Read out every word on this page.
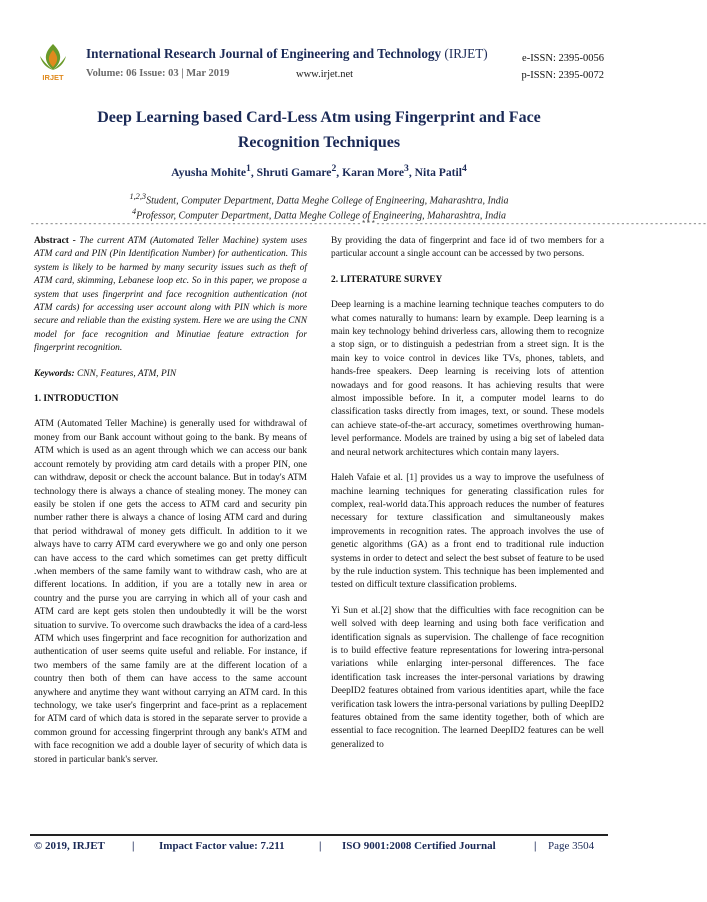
IRJET
International Research Journal of Engineering and Technology (IRJET)
Volume: 06 Issue: 03 | Mar 2019	www.irjet.net
e-ISSN: 2395-0056
p-ISSN: 2395-0072
Deep Learning based Card-Less Atm using Fingerprint and Face
Recognition Techniques
Ayusha Mohite$^1$, Shruti Gamare$^2$, Karan More$^3$, Nita Patil$^4$
$^{1,2,3}$Student, Computer Department, Datta Meghe College of Engineering, Maharashtra, India
$^4$Professor, Computer Department, Datta Meghe College of Engineering, Maharashtra, India
---------------------------------------------------------------------***---------------------------------------------------------------------

Abstract - The current ATM (Automated Teller Machine) system uses ATM card and PIN (Pin Identification Number) for authentication. This system is likely to be harmed by many security issues such as theft of ATM card, skimming, Lebanese loop etc. So in this paper, we propose a system that uses fingerprint and face recognition authentication (not ATM cards) for accessing user account along with PIN which is more secure and reliable than the existing system. Here we are using the CNN model for face recognition and Minutiae feature extraction for fingerprint recognition.

Keywords: CNN, Features, ATM, PIN

1. INTRODUCTION

ATM (Automated Teller Machine) is generally used for withdrawal of money from our Bank account without going to the bank. By means of ATM which is used as an agent through which we can access our bank account remotely by providing atm card details with a proper PIN, one can withdraw, deposit or check the account balance. But in today's ATM technology there is always a chance of stealing money. The money can easily be stolen if one gets the access to ATM card and security pin number rather there is always a chance of losing ATM card and during that period withdrawal of money gets difficult. In addition to it we always have to carry ATM card everywhere we go and only one person can have access to the card which sometimes can get pretty difficult .when members of the same family want to withdraw cash, who are at different locations. In addition, if you are a totally new in area or country and the purse you are carrying in which all of your cash and ATM card are kept gets stolen then undoubtedly it will be the worst situation to survive. To overcome such drawbacks the idea of a card-less ATM which uses fingerprint and face recognition for authorization and authentication of user seems quite useful and reliable. For instance, if two members of the same family are at the different location of a country then both of them can have access to the same account anywhere and anytime they want without carrying an ATM card. In this technology, we take user's fingerprint and face-print as a replacement for ATM card of which data is stored in the separate server to provide a common ground for accessing fingerprint through any bank's ATM and with face recognition we add a double layer of security of which data is stored in particular bank's server.

By providing the data of fingerprint and face id of two members for a particular account a single account can be accessed by two persons.

2. LITERATURE SURVEY

Deep learning is a machine learning technique teaches computers to do what comes naturally to humans: learn by example. Deep learning is a main key technology behind driverless cars, allowing them to recognize a stop sign, or to distinguish a pedestrian from a street sign. It is the main key to voice control in devices like TVs, phones, tablets, and hands-free speakers. Deep learning is receiving lots of attention nowadays and for good reasons. It has achieving results that were almost impossible before. In it, a computer model learns to do classification tasks directly from images, text, or sound. These models can achieve state-of-the-art accuracy, sometimes overthrowing human-level performance. Models are trained by using a big set of labeled data and neural network architectures which contain many layers.

Haleh Vafaie et al. [1] provides us a way to improve the usefulness of machine learning techniques for generating classification rules for complex, real-world data.This approach reduces the number of features necessary for texture classification and simultaneously makes improvements in recognition rates. The approach involves the use of genetic algorithms (GA) as a front end to traditional rule induction systems in order to detect and select the best subset of feature to be used by the rule induction system. This technique has been implemented and tested on difficult texture classification problems.

Yi Sun et al.[2] show that the difficulties with face recognition can be well solved with deep learning and using both face verification and identification signals as supervision. The challenge of face recognition is to build effective feature representations for lowering intra-personal variations while enlarging inter-personal differences. The face identification task increases the inter-personal variations by drawing DeepID2 features obtained from various identities apart, while the face verification task lowers the intra-personal variations by pulling DeepID2 features obtained from the same identity together, both of which are essential to face recognition. The learned DeepID2 features can be well generalized to

© 2019, IRJET | Impact Factor value: 7.211	| ISO 9001:2008 Certified Journal	| Page 3504
